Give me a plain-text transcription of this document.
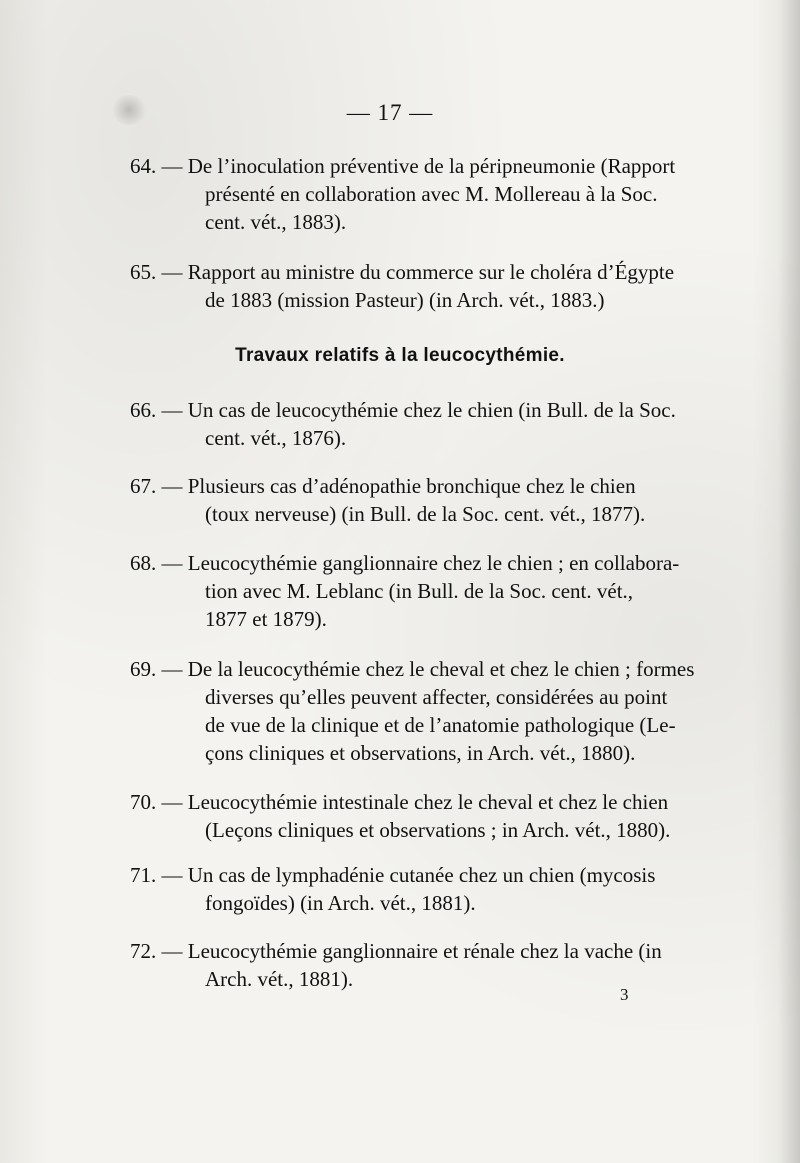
— 17 —
64. — De l’inoculation préventive de la péripneumonie (Rapport
présenté en collaboration avec M. Mollereau à la Soc.
cent. vét., 1883).
65. — Rapport au ministre du commerce sur le choléra d’Égypte
de 1883 (mission Pasteur) (in Arch. vét., 1883.)
Travaux relatifs à la leucocythémie.
66. — Un cas de leucocythémie chez le chien (in Bull. de la Soc.
cent. vét., 1876).
67. — Plusieurs cas d’adénopathie bronchique chez le chien
(toux nerveuse) (in Bull. de la Soc. cent. vét., 1877).
68. — Leucocythémie ganglionnaire chez le chien ; en collabora-
tion avec M. Leblanc (in Bull. de la Soc. cent. vét.,
1877 et 1879).
69. — De la leucocythémie chez le cheval et chez le chien ; formes
diverses qu’elles peuvent affecter, considérées au point
de vue de la clinique et de l’anatomie pathologique (Le-
çons cliniques et observations, in Arch. vét., 1880).
70. — Leucocythémie intestinale chez le cheval et chez le chien
(Leçons cliniques et observations ; in Arch. vét., 1880).
71. — Un cas de lymphadénie cutanée chez un chien (mycosis
fongoïdes) (in Arch. vét., 1881).
72. — Leucocythémie ganglionnaire et rénale chez la vache (in
Arch. vét., 1881).
3
